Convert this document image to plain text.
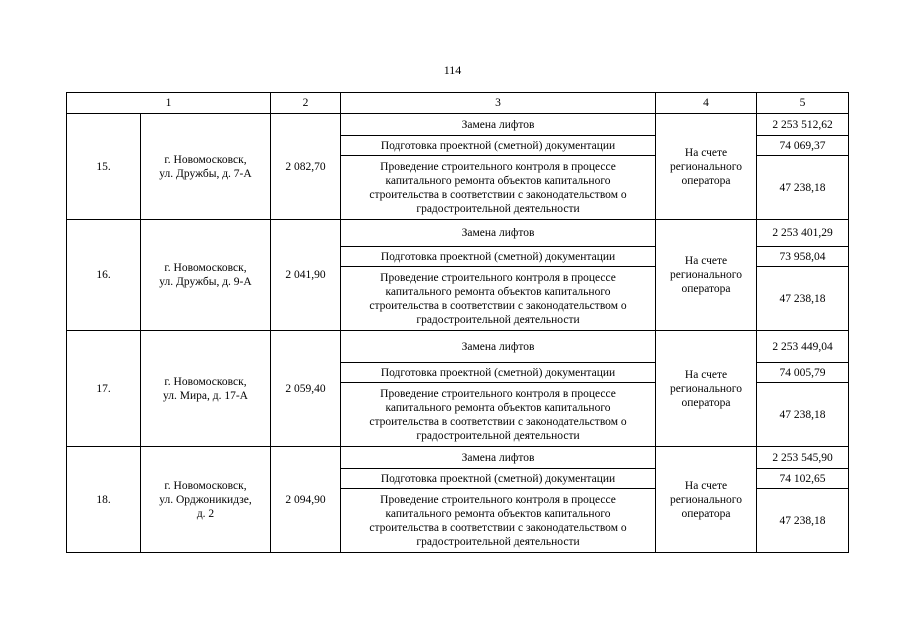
114
1		2	3	4	5
15.	г. Новомосковск,
ул. Дружбы, д. 7-А	2 082,70	Замена лифтов	На счете
регионального
оператора	2 253 512,62
			Подготовка проектной (сметной) документации		74 069,37
			Проведение строительного контроля в процессе
капитального ремонта объектов капитального
строительства в соответствии с законодательством о
градостроительной деятельности		47 238,18
16.	г. Новомосковск,
ул. Дружбы, д. 9-А	2 041,90	Замена лифтов	На счете
регионального
оператора	2 253 401,29
			Подготовка проектной (сметной) документации		73 958,04
			Проведение строительного контроля в процессе
капитального ремонта объектов капитального
строительства в соответствии с законодательством о
градостроительной деятельности		47 238,18
17.	г. Новомосковск,
ул. Мира, д. 17-А	2 059,40	Замена лифтов	На счете
регионального
оператора	2 253 449,04
			Подготовка проектной (сметной) документации		74 005,79
			Проведение строительного контроля в процессе
капитального ремонта объектов капитального
строительства в соответствии с законодательством о
градостроительной деятельности		47 238,18
18.	г. Новомосковск,
ул. Орджоникидзе,
д. 2	2 094,90	Замена лифтов	На счете
регионального
оператора	2 253 545,90
			Подготовка проектной (сметной) документации		74 102,65
			Проведение строительного контроля в процессе
капитального ремонта объектов капитального
строительства в соответствии с законодательством о
градостроительной деятельности		47 238,18
